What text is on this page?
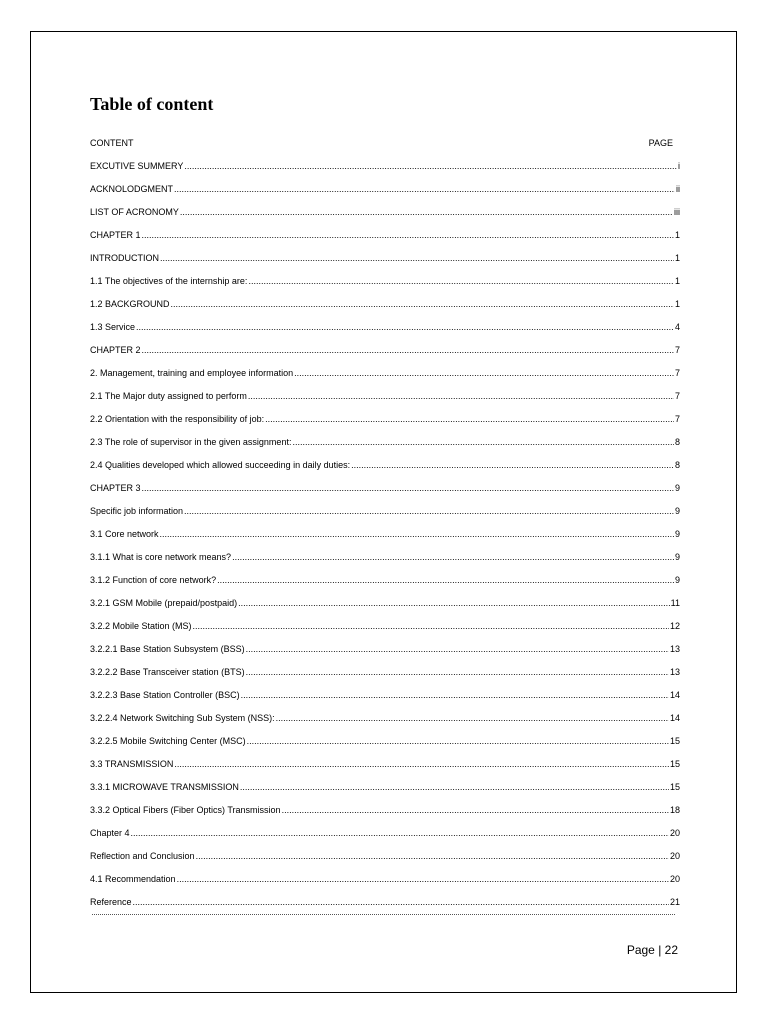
Table of content
CONTENT	PAGE
EXCUTIVE SUMMERY .....	i
ACKNOLODGMENT .....	ii
LIST OF ACRONOMY .....	iii
CHAPTER 1 .....	1
INTRODUCTION .....	1
1.1 The objectives of the internship are: .....	1
1.2 BACKGROUND .....	1
1.3 Service .....	4
CHAPTER 2 .....	7
2. Management, training and employee information .....	7
2.1 The Major duty assigned to perform .....	7
2.2 Orientation with the responsibility of job: .....	7
2.3 The role of supervisor in the given assignment: .....	8
2.4 Qualities developed which allowed succeeding in daily duties: .....	8
CHAPTER 3 .....	9
Specific job information .....	9
3.1 Core network .....	9
3.1.1 What is core network means? .....	9
3.1.2 Function of core network? .....	9
3.2.1 GSM Mobile (prepaid/postpaid) .....	11
3.2.2 Mobile Station (MS) .....	12
3.2.2.1 Base Station Subsystem (BSS) .....	13
3.2.2.2 Base Transceiver station (BTS) .....	13
3.2.2.3 Base Station Controller (BSC) .....	14
3.2.2.4 Network Switching Sub System (NSS): .....	14
3.2.2.5 Mobile Switching Center (MSC) .....	15
3.3 TRANSMISSION .....	15
3.3.1 MICROWAVE TRANSMISSION .....	15
3.3.2 Optical Fibers (Fiber Optics) Transmission .....	18
Chapter 4 .....	20
Reflection and Conclusion .....	20
4.1 Recommendation .....	20
Reference .....	21
Page | 22
